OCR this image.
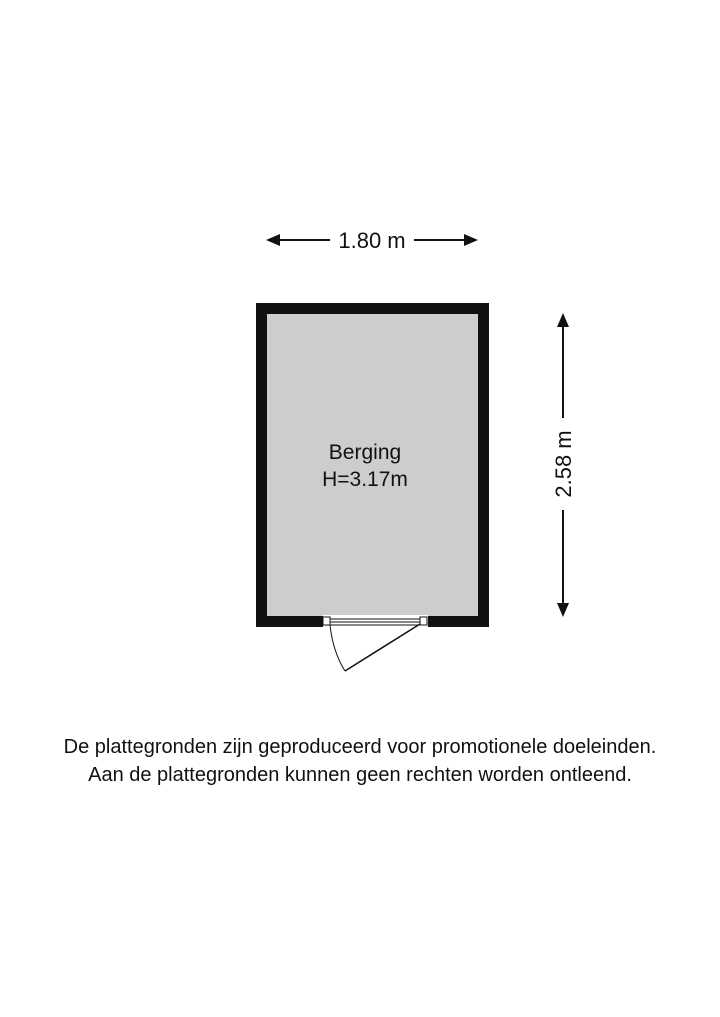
1.80 m
2.58 m
Berging
H=3.17m
De plattegronden zijn geproduceerd voor promotionele doeleinden.
Aan de plattegronden kunnen geen rechten worden ontleend.
